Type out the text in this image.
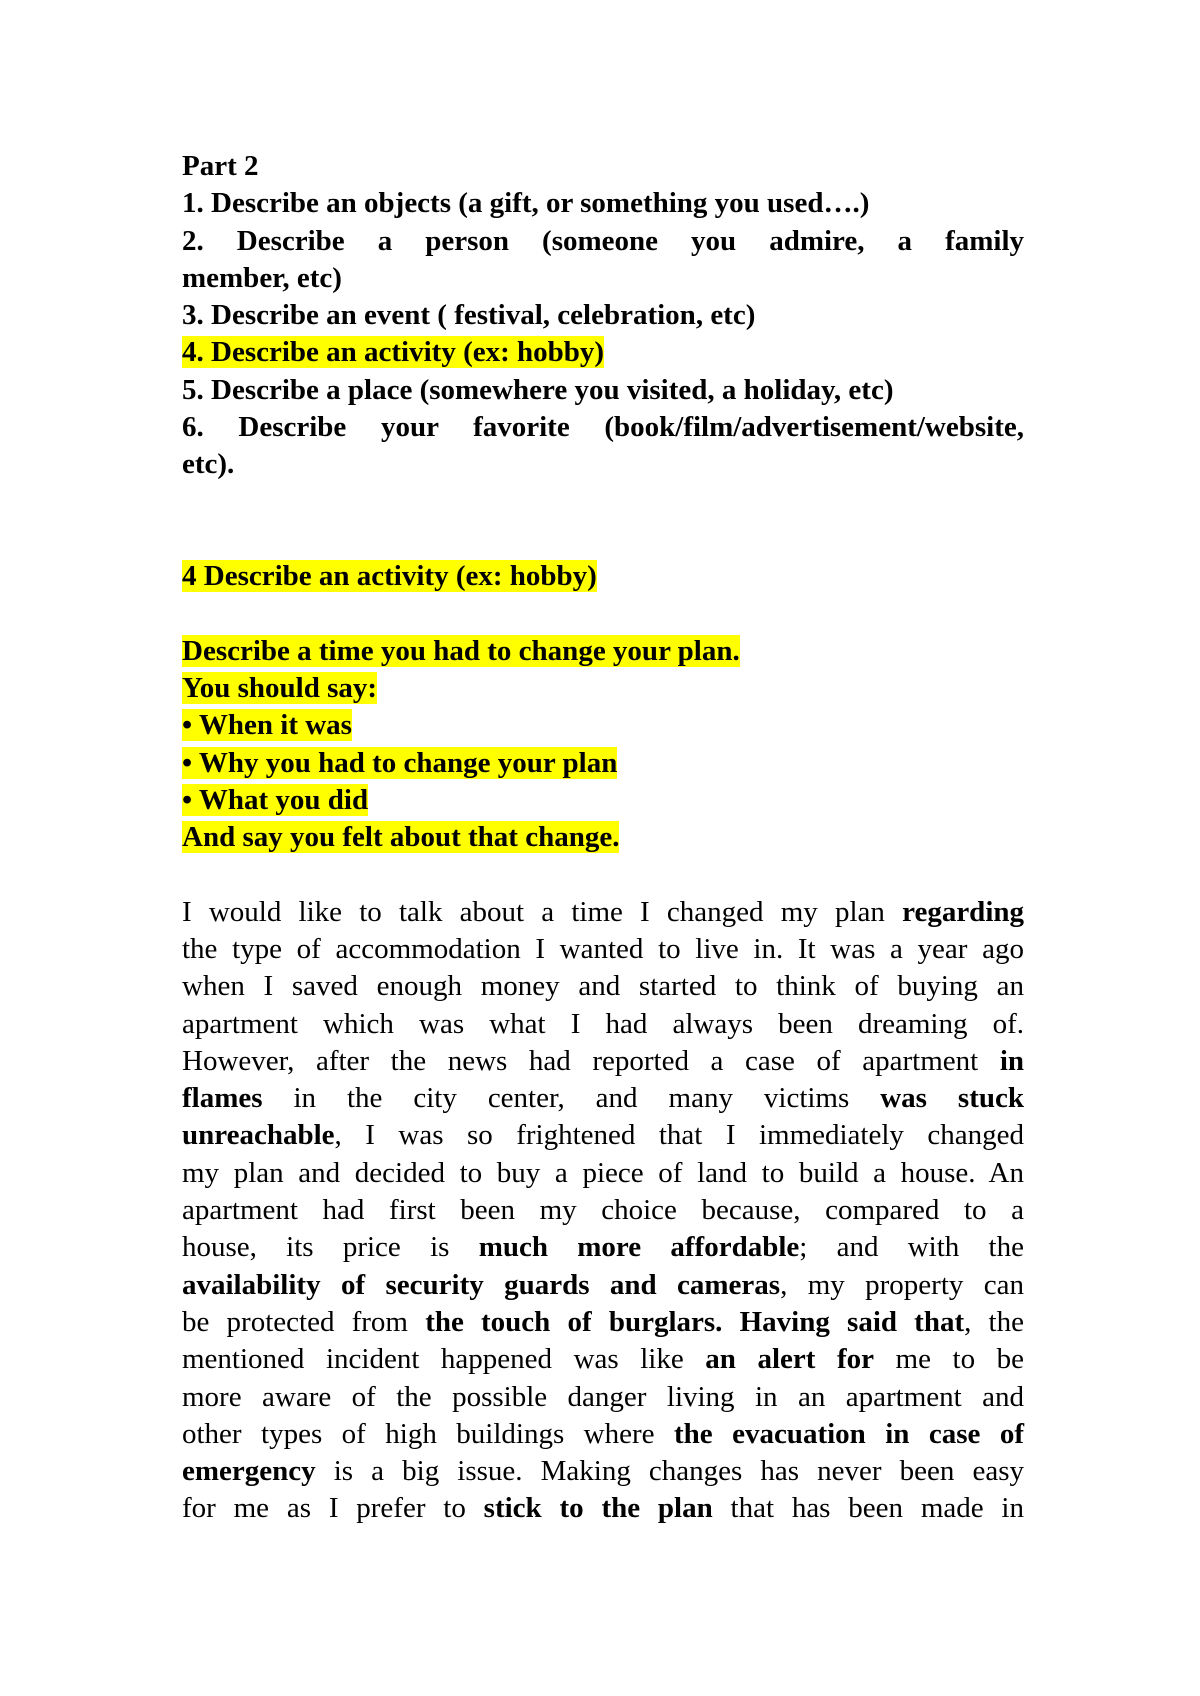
Part 2
1. Describe an objects (a gift, or something you used….)
2. Describe a person (someone you admire, a family
member, etc)
3. Describe an event ( festival, celebration, etc)
4. Describe an activity (ex: hobby)
5. Describe a place (somewhere you visited, a holiday, etc)
6. Describe your favorite (book/film/advertisement/website,
etc).
4 Describe an activity (ex: hobby)
Describe a time you had to change your plan.
You should say:
• When it was
• Why you had to change your plan
• What you did
And say you felt about that change.
I would like to talk about a time I changed my plan regarding
the type of accommodation I wanted to live in. It was a year ago
when I saved enough money and started to think of buying an
apartment which was what I had always been dreaming of.
However, after the news had reported a case of apartment in
flames in the city center, and many victims was stuck
unreachable, I was so frightened that I immediately changed
my plan and decided to buy a piece of land to build a house. An
apartment had first been my choice because, compared to a
house, its price is much more affordable; and with the
availability of security guards and cameras, my property can
be protected from the touch of burglars. Having said that, the
mentioned incident happened was like an alert for me to be
more aware of the possible danger living in an apartment and
other types of high buildings where the evacuation in case of
emergency is a big issue. Making changes has never been easy
for me as I prefer to stick to the plan that has been made in
